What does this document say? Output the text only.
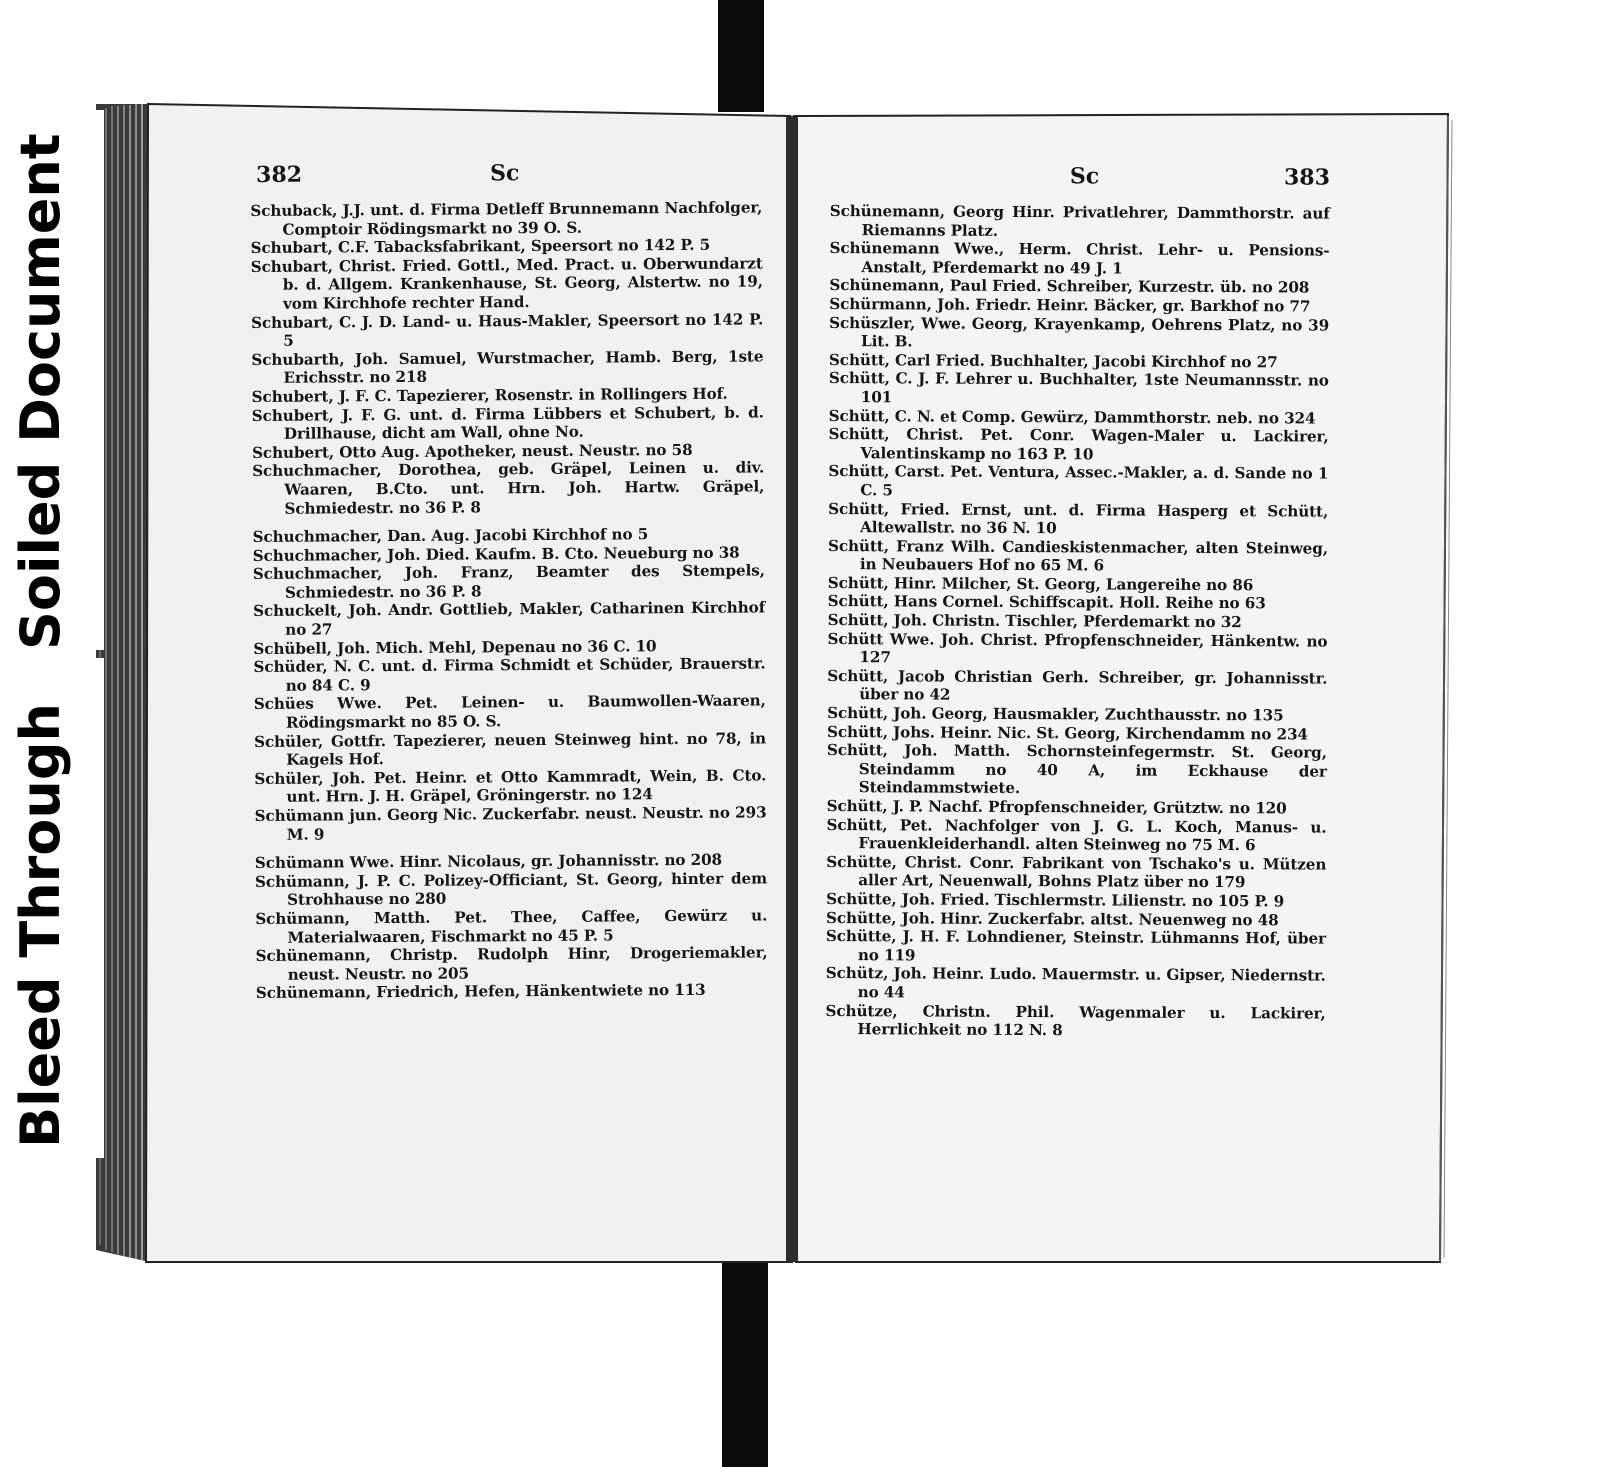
Soiled Document
Bleed Through
382	Sc
Schuback, J.J. unt. d. Firma Detleff Brunnemann Nachfolger, Comptoir Rödingsmarkt no 39 O. S.
Schubart, C.F. Tabacksfabrikant, Speersort no 142 P. 5
Schubart, Christ. Fried. Gottl., Med. Pract. u. Oberwundarzt b. d. Allgem. Krankenhause, St. Georg, Alstertw. no 19, vom Kirchhofe rechter Hand.
Schubart, C. J. D. Land- u. Haus-Makler, Speersort no 142 P. 5
Schubarth, Joh. Samuel, Wurstmacher, Hamb. Berg, 1ste Erichsstr. no 218
Schubert, J. F. C. Tapezierer, Rosenstr. in Rollingers Hof.
Schubert, J. F. G. unt. d. Firma Lübbers et Schubert, b. d. Drillhause, dicht am Wall, ohne No.
Schubert, Otto Aug. Apotheker, neust. Neustr. no 58
Schuchmacher, Dorothea, geb. Gräpel, Leinen u. div. Waaren, B.Cto. unt. Hrn. Joh. Hartw. Gräpel, Schmiedestr. no 36 P. 8
Schuchmacher, Dan. Aug. Jacobi Kirchhof no 5
Schuchmacher, Joh. Died. Kaufm. B. Cto. Neueburg no 38
Schuchmacher, Joh. Franz, Beamter des Stempels, Schmiedestr. no 36 P. 8
Schuckelt, Joh. Andr. Gottlieb, Makler, Catharinen Kirchhof no 27
Schübell, Joh. Mich. Mehl, Depenau no 36 C. 10
Schüder, N. C. unt. d. Firma Schmidt et Schüder, Brauerstr. no 84 C. 9
Schües Wwe. Pet. Leinen- u. Baumwollen-Waaren, Rödingsmarkt no 85 O. S.
Schüler, Gottfr. Tapezierer, neuen Steinweg hint. no 78, in Kagels Hof.
Schüler, Joh. Pet. Heinr. et Otto Kammradt, Wein, B. Cto. unt. Hrn. J. H. Gräpel, Gröningerstr. no 124
Schümann jun. Georg Nic. Zuckerfabr. neust. Neustr. no 293 M. 9
Schümann Wwe. Hinr. Nicolaus, gr. Johannisstr. no 208
Schümann, J. P. C. Polizey-Officiant, St. Georg, hinter dem Strohhause no 280
Schümann, Matth. Pet. Thee, Caffee, Gewürz u. Materialwaaren, Fischmarkt no 45 P. 5
Schünemann, Christp. Rudolph Hinr, Drogeriemakler, neust. Neustr. no 205
Schünemann, Friedrich, Hefen, Hänkentwiete no 113
Sc	383
Schünemann, Georg Hinr. Privatlehrer, Dammthorstr. auf Riemanns Platz.
Schünemann Wwe., Herm. Christ. Lehr- u. Pensions-Anstalt, Pferdemarkt no 49 J. 1
Schünemann, Paul Fried. Schreiber, Kurzestr. üb. no 208
Schürmann, Joh. Friedr. Heinr. Bäcker, gr. Barkhof no 77
Schüszler, Wwe. Georg, Krayenkamp, Oehrens Platz, no 39 Lit. B.
Schütt, Carl Fried. Buchhalter, Jacobi Kirchhof no 27
Schütt, C. J. F. Lehrer u. Buchhalter, 1ste Neumannsstr. no 101
Schütt, C. N. et Comp. Gewürz, Dammthorstr. neb. no 324
Schütt, Christ. Pet. Conr. Wagen-Maler u. Lackirer, Valentinskamp no 163 P. 10
Schütt, Carst. Pet. Ventura, Assec.-Makler, a. d. Sande no 1 C. 5
Schütt, Fried. Ernst, unt. d. Firma Hasperg et Schütt, Altewallstr. no 36 N. 10
Schütt, Franz Wilh. Candieskistenmacher, alten Steinweg, in Neubauers Hof no 65 M. 6
Schütt, Hinr. Milcher, St. Georg, Langereihe no 86
Schütt, Hans Cornel. Schiffscapit. Holl. Reihe no 63
Schütt, Joh. Christn. Tischler, Pferdemarkt no 32
Schütt Wwe. Joh. Christ. Pfropfenschneider, Hänkentw. no 127
Schütt, Jacob Christian Gerh. Schreiber, gr. Johannisstr. über no 42
Schütt, Joh. Georg, Hausmakler, Zuchthausstr. no 135
Schütt, Johs. Heinr. Nic. St. Georg, Kirchendamm no 234
Schütt, Joh. Matth. Schornsteinfegermstr. St. Georg, Steindamm no 40 A, im Eckhause der Steindammstwiete.
Schütt, J. P. Nachf. Pfropfenschneider, Grütztw. no 120
Schütt, Pet. Nachfolger von J. G. L. Koch, Manus- u. Frauenkleiderhandl. alten Steinweg no 75 M. 6
Schütte, Christ. Conr. Fabrikant von Tschako's u. Mützen aller Art, Neuenwall, Bohns Platz über no 179
Schütte, Joh. Fried. Tischlermstr. Lilienstr. no 105 P. 9
Schütte, Joh. Hinr. Zuckerfabr. altst. Neuenweg no 48
Schütte, J. H. F. Lohndiener, Steinstr. Lühmanns Hof, über no 119
Schütz, Joh. Heinr. Ludo. Mauermstr. u. Gipser, Niedernstr. no 44
Schütze, Christn. Phil. Wagenmaler u. Lackirer, Herrlichkeit no 112 N. 8
